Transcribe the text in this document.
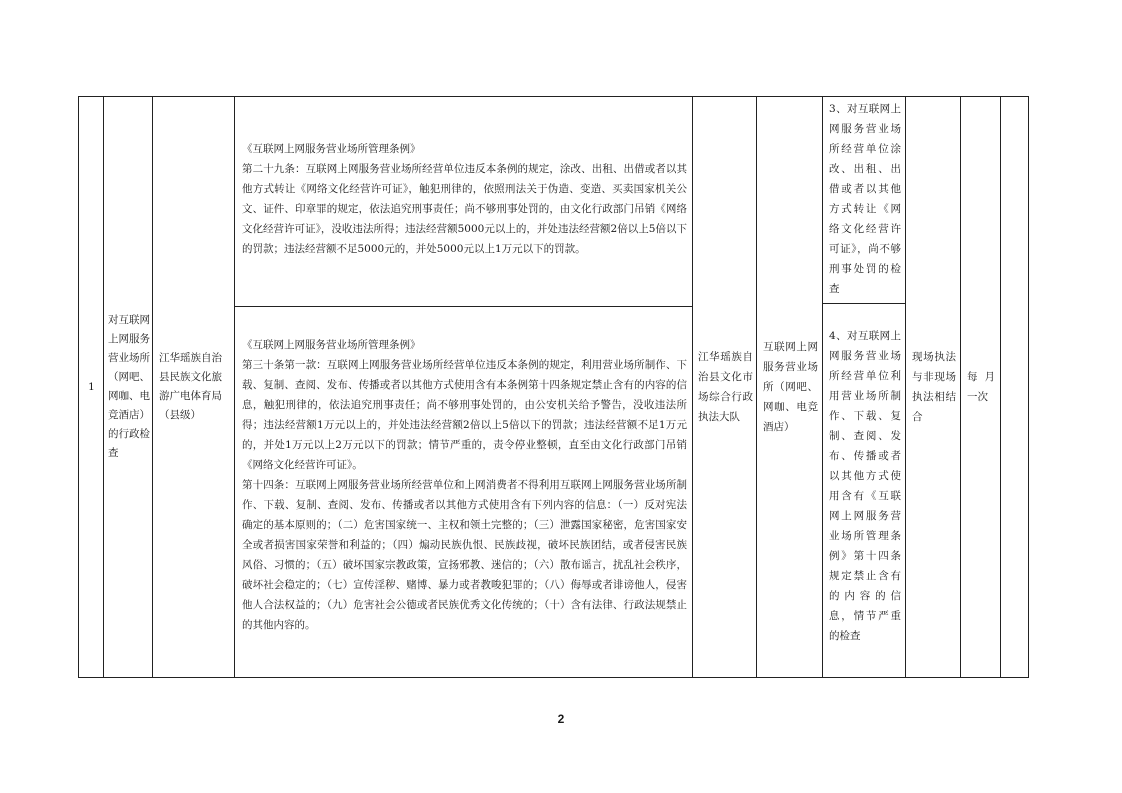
1

对互联网上网服务营业场所（网吧、网咖、电竞酒店）的行政检查

江华瑶族自治县民族文化旅游广电体育局（县级）

《互联网上网服务营业场所管理条例》

第二十九条：互联网上网服务营业场所经营单位违反本条例的规定，涂改、出租、出借或者以其他方式转让《网络文化经营许可证》，触犯刑律的，依照刑法关于伪造、变造、买卖国家机关公文、证件、印章罪的规定，依法追究刑事责任；尚不够刑事处罚的，由文化行政部门吊销《网络文化经营许可证》，没收违法所得；违法经营额5000元以上的，并处违法经营额2倍以上5倍以下的罚款；违法经营额不足5000元的，并处5000元以上1万元以下的罚款。

《互联网上网服务营业场所管理条例》

第三十条第一款：互联网上网服务营业场所经营单位违反本条例的规定，利用营业场所制作、下载、复制、查阅、发布、传播或者以其他方式使用含有本条例第十四条规定禁止含有的内容的信息，触犯刑律的，依法追究刑事责任；尚不够刑事处罚的，由公安机关给予警告，没收违法所得；违法经营额1万元以上的，并处违法经营额2倍以上5倍以下的罚款；违法经营额不足1万元的，并处1万元以上2万元以下的罚款；情节严重的，责令停业整顿，直至由文化行政部门吊销《网络文化经营许可证》。

第十四条：互联网上网服务营业场所经营单位和上网消费者不得利用互联网上网服务营业场所制作、下载、复制、查阅、发布、传播或者以其他方式使用含有下列内容的信息：（一）反对宪法确定的基本原则的；（二）危害国家统一、主权和领土完整的；（三）泄露国家秘密，危害国家安全或者损害国家荣誉和利益的；（四）煽动民族仇恨、民族歧视，破坏民族团结，或者侵害民族风俗、习惯的；（五）破坏国家宗教政策，宣扬邪教、迷信的；（六）散布谣言，扰乱社会秩序，破坏社会稳定的；（七）宣传淫秽、赌博、暴力或者教唆犯罪的；（八）侮辱或者诽谤他人，侵害他人合法权益的；（九）危害社会公德或者民族优秀文化传统的；（十）含有法律、行政法规禁止的其他内容的。

江华瑶族自治县文化市场综合行政执法大队

互联网上网服务营业场所（网吧、网咖、电竞酒店）

3、对互联网上网服务营业场所经营单位涂改、出租、出借或者以其他方式转让《网络文化经营许可证》，尚不够刑事处罚的检查

4、对互联网上网服务营业场所经营单位利用营业场所制作、下载、复制、查阅、发布、传播或者以其他方式使用含有《互联网上网服务营业场所管理条例》第十四条规定禁止含有的内容的信息，情节严重的检查

现场执法与非现场执法相结合

每月一次

2
